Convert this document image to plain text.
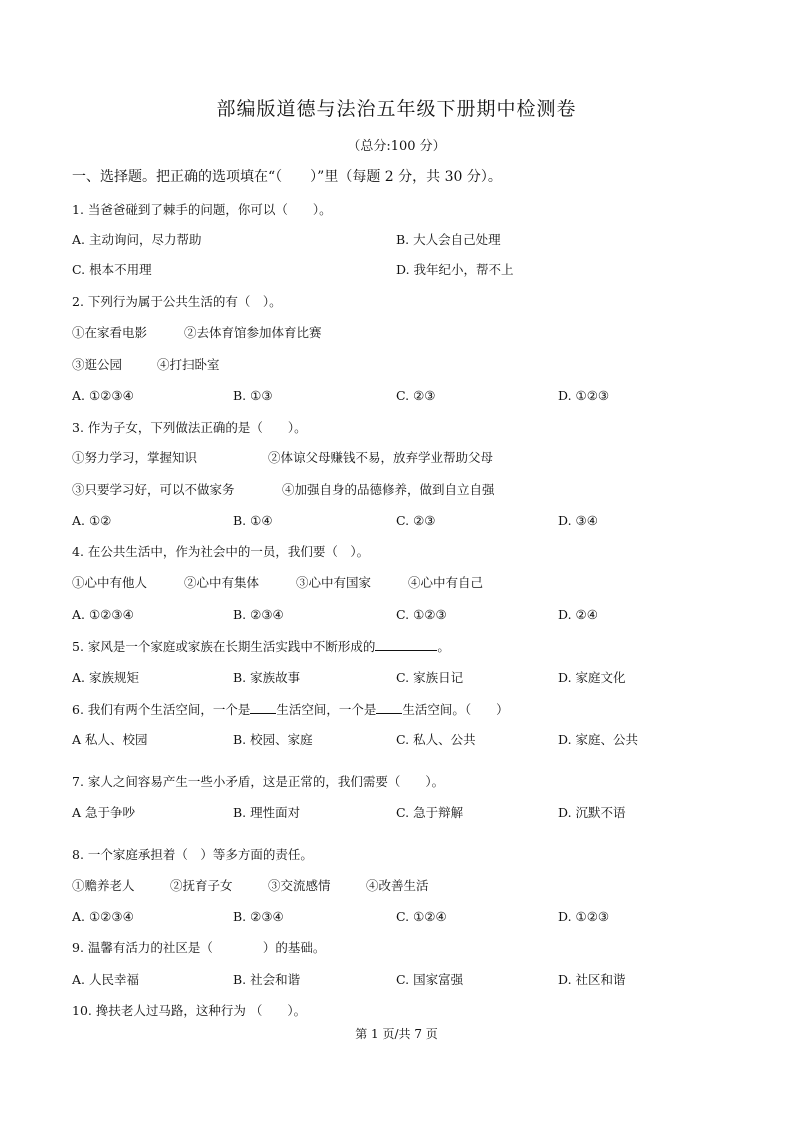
部编版道德与法治五年级下册期中检测卷
（总分:100 分）
一、选择题。把正确的选项填在“（　　）”里（每题 2 分，共 30 分）。
1. 当爸爸碰到了棘手的问题，你可以（　　）。
A. 主动询问，尽力帮助	B. 大人会自己处理
C. 根本不用理	D. 我年纪小，帮不上
2. 下列行为属于公共生活的有（　）。
①在家看电影	②去体育馆参加体育比赛
③逛公园	④打扫卧室
A. ①②③④	B. ①③	C. ②③	D. ①②③
3. 作为子女，下列做法正确的是（　　）。
①努力学习，掌握知识	②体谅父母赚钱不易，放弃学业帮助父母
③只要学习好，可以不做家务	④加强自身的品德修养，做到自立自强
A. ①②	B. ①④	C. ②③	D. ③④
4. 在公共生活中，作为社会中的一员，我们要（　）。
①心中有他人	②心中有集体	③心中有国家	④心中有自己
A. ①②③④	B. ②③④	C. ①②③	D. ②④
5. 家风是一个家庭或家族在长期生活实践中不断形成的	。
A. 家族规矩	B. 家族故事	C. 家族日记	D. 家庭文化
6. 我们有两个生活空间，一个是 生活空间，一个是 生活空间。（　　）
A 私人、校园	B. 校园、家庭	C. 私人、公共	D. 家庭、公共
7. 家人之间容易产生一些小矛盾，这是正常的，我们需要（　　）。
A 急于争吵	B. 理性面对	C. 急于辩解	D. 沉默不语
8. 一个家庭承担着（　）等多方面的责任。
①赡养老人	②抚育子女	③交流感情	④改善生活
A. ①②③④	B. ②③④	C. ①②④	D. ①②③
9. 温馨有活力的社区是（　　　　）的基础。
A. 人民幸福	B. 社会和谐	C. 国家富强	D. 社区和谐
10. 搀扶老人过马路，这种行为 （　　）。
第 1 页/共 7 页
